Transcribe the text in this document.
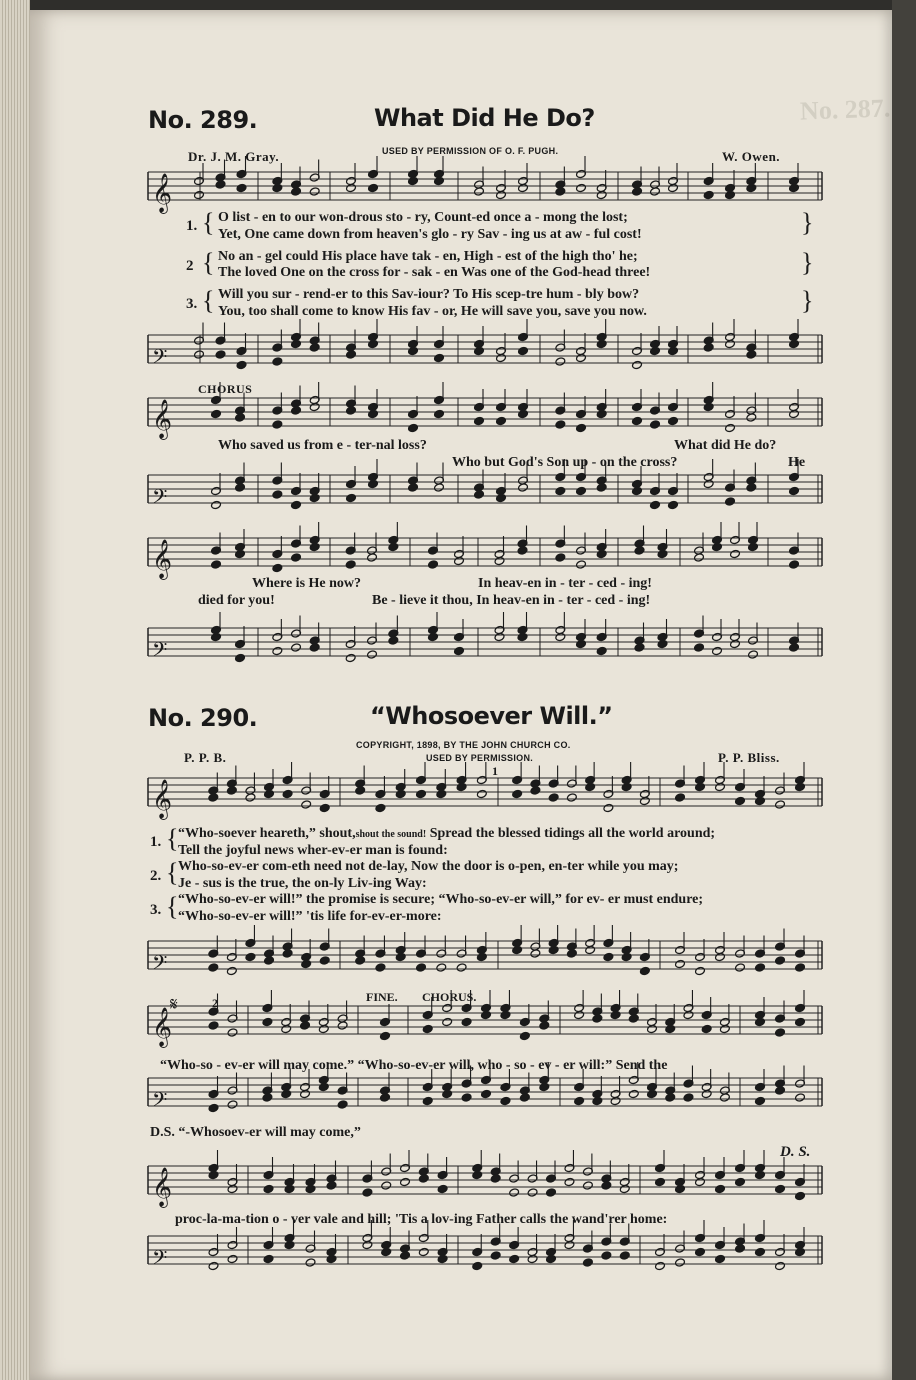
No. 287.
𝄞
𝄢
𝄞
𝄢
𝄞
𝄢
𝄞
𝄢
𝄞
𝄢
𝄞
𝄢
No. 289.	What Did He Do?
Dr. J. M. Gray.	USED BY PERMISSION OF O. F. PUGH.	W. Owen.
1. { O list - en to our won-drous sto - ry, Count-ed once a - mong the lost;
Yet, One came down from heaven's glo - ry Sav - ing us at aw - ful cost!	}
2 { No an - gel could His place have tak - en, High - est of the high tho' he;
The loved One on the cross for - sak - en Was one of the God-head three!	}
3. { Will you sur - rend-er to this Sav-iour? To His scep-tre hum - bly bow?
You, too shall come to know His fav - or, He will save you, save you now.	}
CHORUS
Who saved us from e - ter-nal loss?	What did He do?
Who but God's Son up - on the cross?	He
Where is He now?	In heav-en in - ter - ced - ing!
died for you!	Be - lieve it thou, In heav-en in - ter - ced - ing!
No. 290.	“Whosoever Will.”
COPYRIGHT, 1898, BY THE JOHN CHURCH CO.
USED BY PERMISSION.
P. P. B.	P. P. Bliss.
1
1. { “Who-soever heareth,” shout,shout the sound! Spread the blessed tidings all the world around;
Tell the joyful news wher-ev-er man is found:
2. { Who-so-ev-er com-eth need not de-lay, Now the door is o-pen, en-ter while you may;
Je - sus is the true, the on-ly Liv-ing Way:
3. { “Who-so-ev-er will!” the promise is secure; “Who-so-ev-er will,” for ev- er must endure;
“Who-so-ev-er will!” 'tis life for-ev-er-more:
𝄋	2	FINE. CHORUS.
“Who-so - ev-er will may come.” “Who-so-ev-er will, who - so - ev - er will:” Send the
D.S. “-Whosoev-er will may come,”
D. S.
proc-la-ma-tion o - ver vale and hill; 'Tis a lov-ing Father calls the wand'rer home:
